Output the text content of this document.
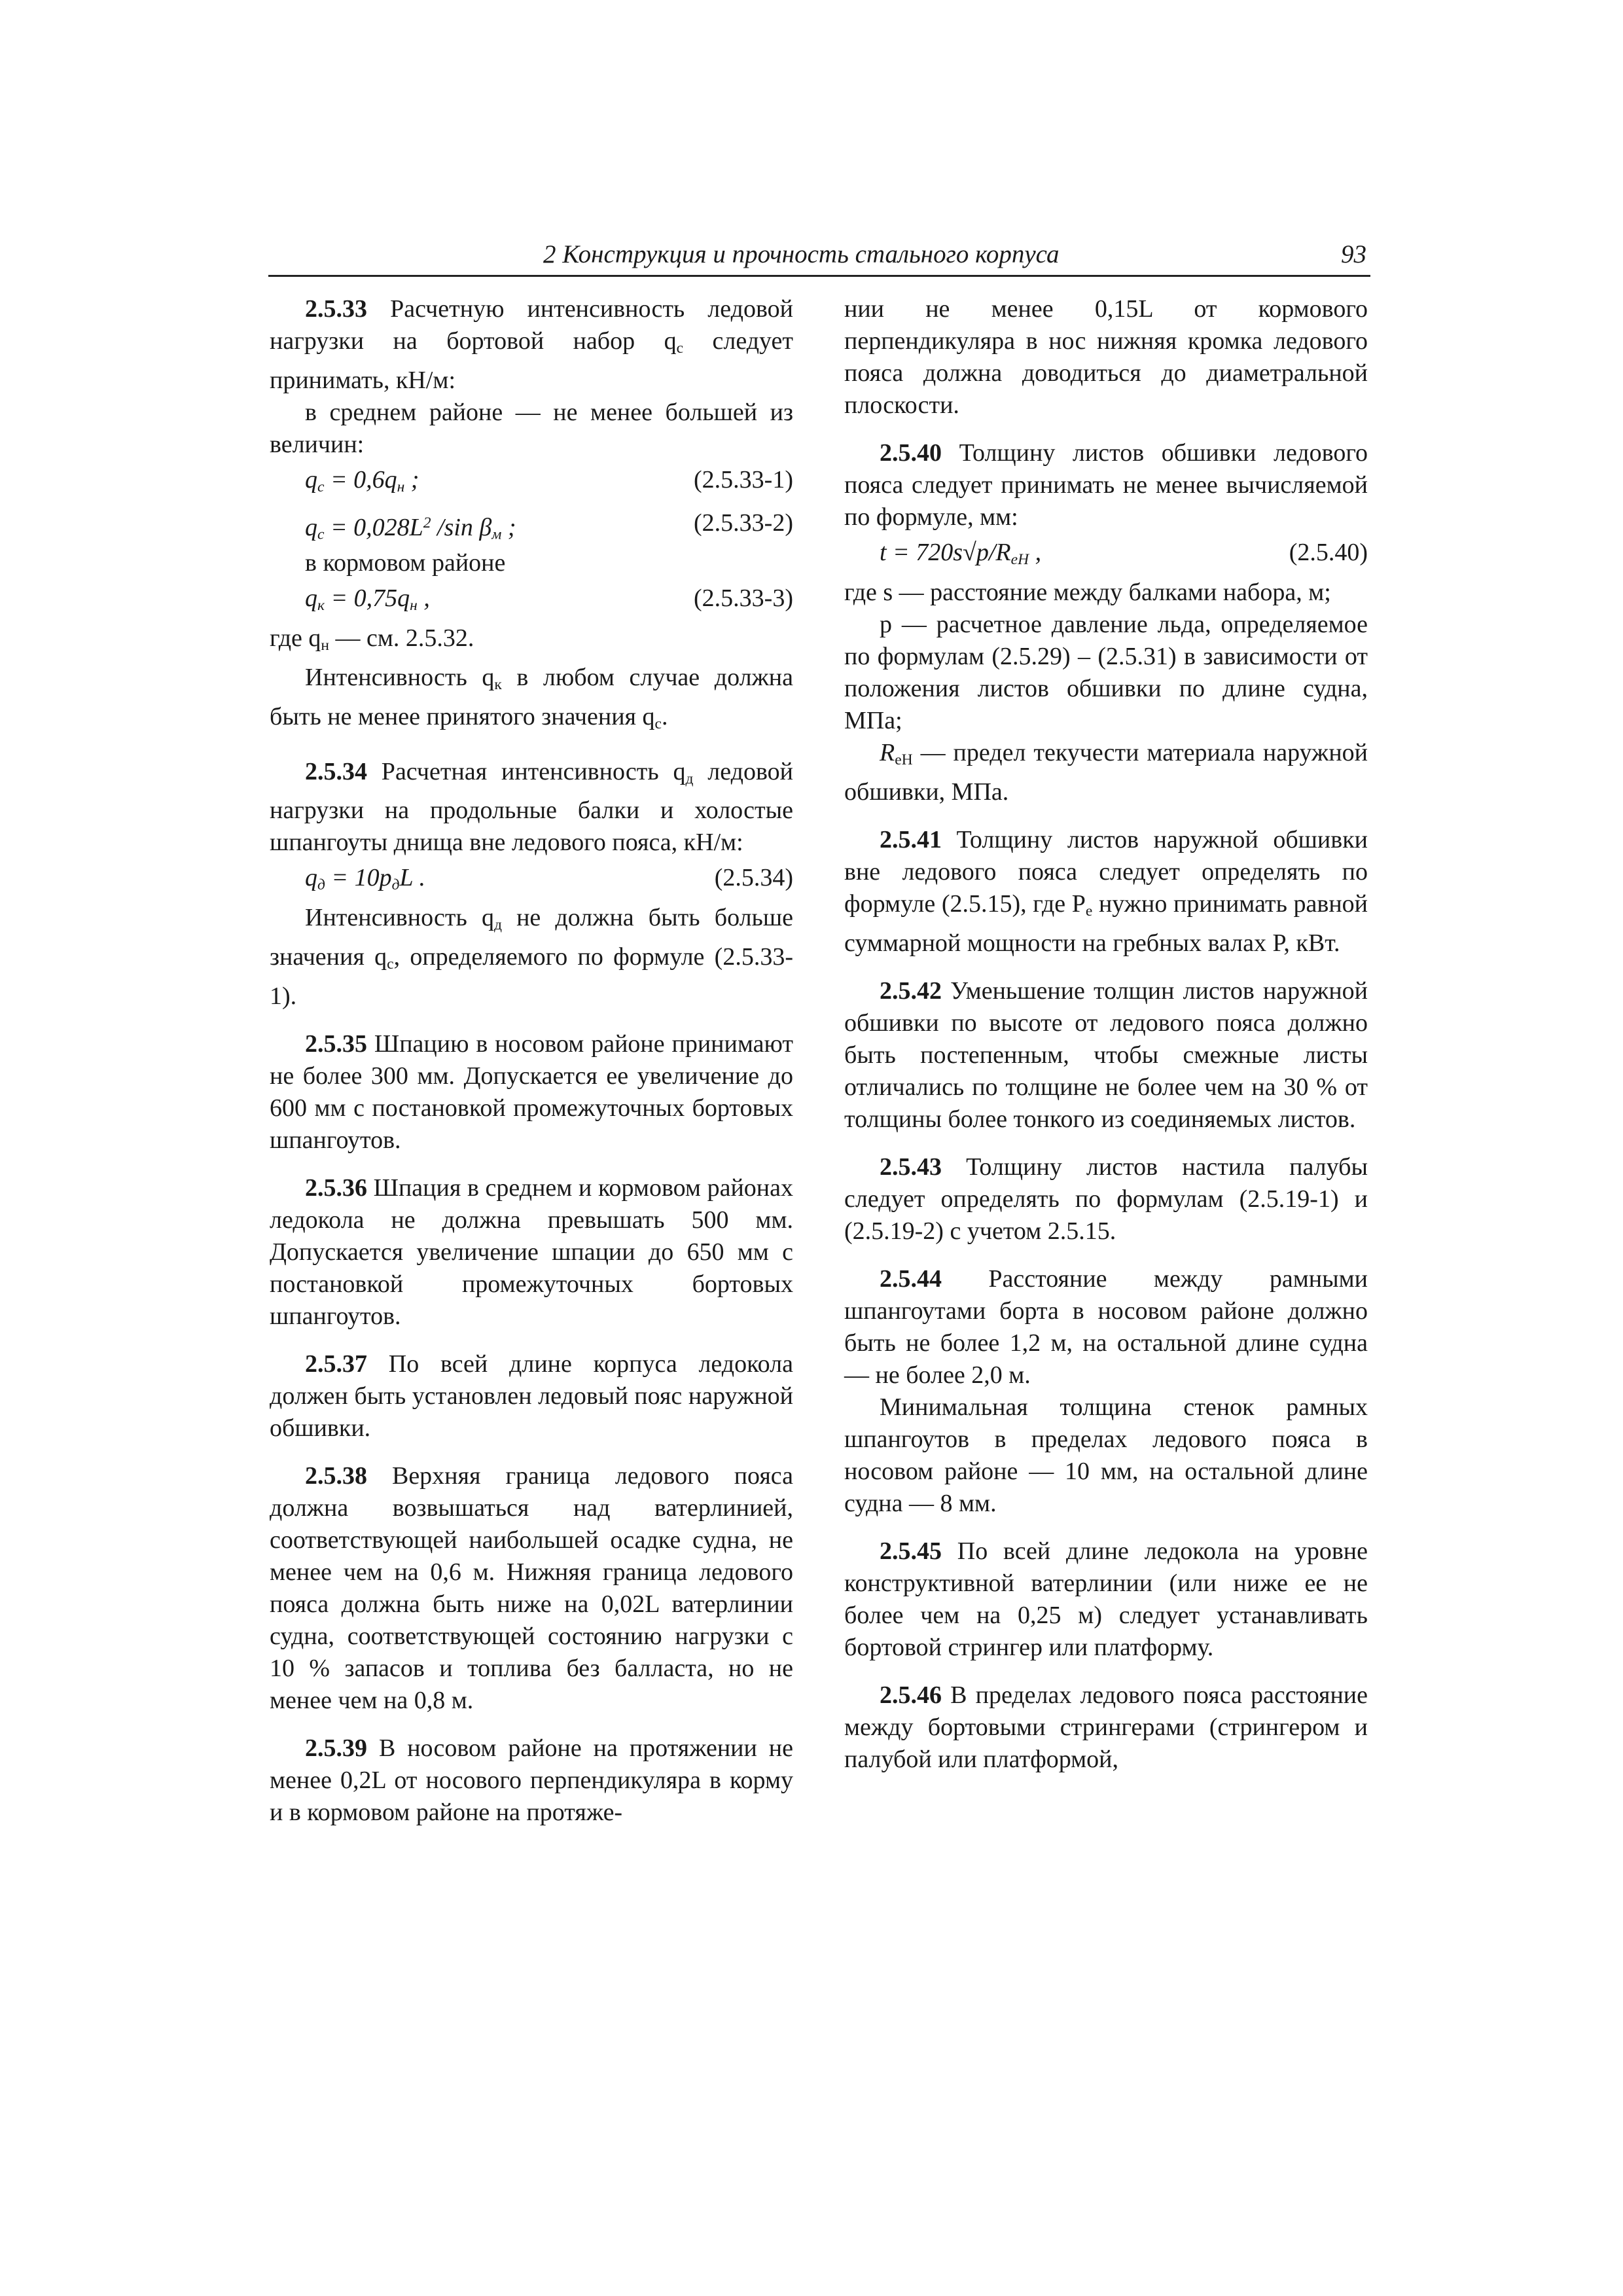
2 Конструкция и прочность стального корпуса	93

2.5.33 Расчетную интенсивность ледовой нагрузки на бортовой набор $q_с$ следует принимать, кН/м:

в среднем районе — не менее большей из величин:

$q_с = 0,6q_н$ ;	(2.5.33-1)
$q_с = 0,028L^2$ /sin $\beta_м$ ;	(2.5.33-2)

в кормовом районе

$q_к = 0,75q_н$ ,	(2.5.33-3)

где $q_н$ — см. 2.5.32.

Интенсивность $q_к$ в любом случае должна быть не менее принятого значения $q_с$.

2.5.34 Расчетная интенсивность $q_д$ ледовой нагрузки на продольные балки и холостые шпангоуты днища вне ледового пояса, кН/м:

$q_д = 10p_дL$ .	(2.5.34)

Интенсивность $q_д$ не должна быть больше значения $q_с$, определяемого по формуле (2.5.33-1).

2.5.35 Шпацию в носовом районе принимают не более 300 мм. Допускается ее увеличение до 600 мм с постановкой промежуточных бортовых шпангоутов.

2.5.36 Шпация в среднем и кормовом районах ледокола не должна превышать 500 мм. Допускается увеличение шпации до 650 мм с постановкой промежуточных бортовых шпангоутов.

2.5.37 По всей длине корпуса ледокола должен быть установлен ледовый пояс наружной обшивки.

2.5.38 Верхняя граница ледового пояса должна возвышаться над ватерлинией, соответствующей наибольшей осадке судна, не менее чем на 0,6 м. Нижняя граница ледового пояса должна быть ниже на 0,02L ватерлинии судна, соответствующей состоянию нагрузки с 10 % запасов и топлива без балласта, но не менее чем на 0,8 м.

2.5.39 В носовом районе на протяжении не менее 0,2L от носового перпендикуляра в корму и в кормовом районе на протяже-

нии не менее 0,15L от кормового перпендикуляра в нос нижняя кромка ледового пояса должна доводиться до диаметральной плоскости.

2.5.40 Толщину листов обшивки ледового пояса следует принимать не менее вычисляемой по формуле, мм:

$t = 720s√p/R_{eH}$ ,	(2.5.40)

где s — расстояние между балками набора, м;

p — расчетное давление льда, определяемое по формулам (2.5.29) – (2.5.31) в зависимости от положения листов обшивки по длине судна, МПа;

$R_{eH}$ — предел текучести материала наружной обшивки, МПа.

2.5.41 Толщину листов наружной обшивки вне ледового пояса следует определять по формуле (2.5.15), где $P_e$ нужно принимать равной суммарной мощности на гребных валах P, кВт.

2.5.42 Уменьшение толщин листов наружной обшивки по высоте от ледового пояса должно быть постепенным, чтобы смежные листы отличались по толщине не более чем на 30 % от толщины более тонкого из соединяемых листов.

2.5.43 Толщину листов настила палубы следует определять по формулам (2.5.19-1) и (2.5.19-2) с учетом 2.5.15.

2.5.44 Расстояние между рамными шпангоутами борта в носовом районе должно быть не более 1,2 м, на остальной длине судна — не более 2,0 м.

Минимальная толщина стенок рамных шпангоутов в пределах ледового пояса в носовом районе — 10 мм, на остальной длине судна — 8 мм.

2.5.45 По всей длине ледокола на уровне конструктивной ватерлинии (или ниже ее не более чем на 0,25 м) следует устанавливать бортовой стрингер или платформу.

2.5.46 В пределах ледового пояса расстояние между бортовыми стрингерами (стрингером и палубой или платформой,
